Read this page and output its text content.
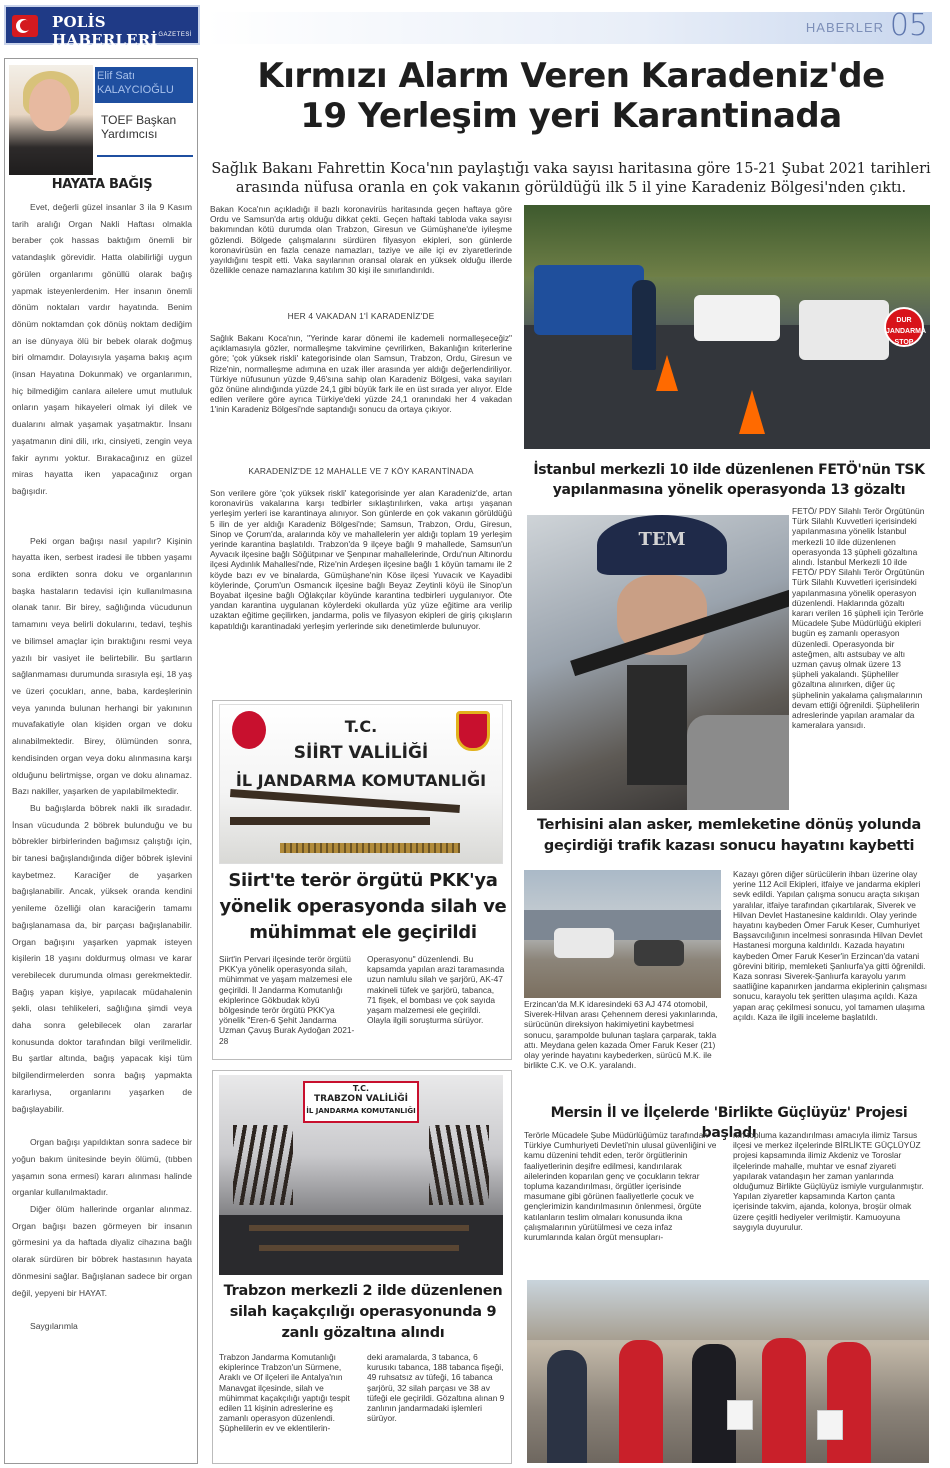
POLİS HABERLERİ GAZETESİ	HABERLER 05
Elif Satı
KALAYCIOĞLU
TOEF Başkan
Yardımcısı
HAYATA BAĞIŞ

Evet, değerli güzel insanlar 3 ila 9 Kasım tarih aralığı Organ Nakli Haftası olmakla beraber çok hassas baktığım önemli bir vatandaşlık görevidir. Hatta olabilirliği uygun görülen organlarımı gönüllü olarak bağış yapmak isteyenlerdenim. Her insanın önemli dönüm noktaları vardır hayatında. Benim dönüm noktamdan çok dönüş noktam dediğim an ise dünyaya ölü bir bebek olarak doğmuş biri olmamdır. Dolayısıyla yaşama bakış açım (insan Hayatına Dokunmak) ve organlarımın, hiç bilmediğim canlara ailelere umut mutluluk onların yaşam hikayeleri olmak iyi dilek ve dualarını almak yaşamak yaşatmaktır. İnsanı yaşatmanın dini dili, ırkı, cinsiyeti, zengin veya fakir ayrımı yoktur. Bırakacağınız en güzel miras hayatta iken yapacağınız organ bağışıdır.

Peki organ bağışı nasıl yapılır? Kişinin hayatta iken, serbest iradesi ile tıbben yaşamı sona erdikten sonra doku ve organlarının başka hastaların tedavisi için kullanılmasına olanak tanır. Bir birey, sağlığında vücudunun tamamını veya belirli dokularını, tedavi, teşhis ve bilimsel amaçlar için bıraktığını resmi veya yazılı bir vasiyet ile belirtebilir. Bu şartların sağlanmaması durumunda sırasıyla eşi, 18 yaş ve üzeri çocukları, anne, baba, kardeşlerinin veya yanında bulunan herhangi bir yakınının muvafakatiyle olan kişiden organ ve doku alınabilmektedir. Birey, ölümünden sonra, kendisinden organ veya doku alınmasına karşı olduğunu belirtmişse, organ ve doku alınamaz. Bazı nakiller, yaşarken de yapılabilmektedir.

Bu bağışlarda böbrek nakli ilk sıradadır. İnsan vücudunda 2 böbrek bulunduğu ve bu böbrekler birbirlerinden bağımsız çalıştığı için, bir tanesi bağışlandığında diğer böbrek işlevini kaybetmez. Karaciğer de yaşarken bağışlanabilir. Ancak, yüksek oranda kendini yenileme özelliği olan karaciğerin tamamı bağışlanamasa da, bir parçası bağışlanabilir. Organ bağışını yaşarken yapmak isteyen kişilerin 18 yaşını doldurmuş olması ve karar verebilecek durumunda olması gerekmektedir. Bağış yapan kişiye, yapılacak müdahalenin şekli, olası tehlikeleri, sağlığına şimdi veya daha sonra gelebilecek olan zararlar konusunda doktor tarafından bilgi verilmelidir. Bu şartlar altında, bağış yapacak kişi tüm bilgilendirmelerden sonra bağış yapmakta kararlıysa, organlarını yaşarken de bağışlayabilir.

Organ bağışı yapıldıktan sonra sadece bir yoğun bakım ünitesinde beyin ölümü, (tıbben yaşamın sona ermesi) kararı alınması halinde organlar kullanılmaktadır.

Diğer ölüm hallerinde organlar alınmaz. Organ bağışı bazen görmeyen bir insanın görmesini ya da haftada diyaliz cihazına bağlı olarak sürdüren bir böbrek hastasının hayata dönmesini sağlar. Bağışlanan sadece bir organ değil, yepyeni bir HAYAT.

Saygılarımla

Kırmızı Alarm Veren Karadeniz'de
19 Yerleşim yeri Karantinada

Sağlık Bakanı Fahrettin Koca'nın paylaştığı vaka sayısı haritasına göre 15-21 Şubat 2021 tarihleri arasında nüfusa oranla en çok vakanın görüldüğü ilk 5 il yine Karadeniz Bölgesi'nden çıktı.

Bakan Koca'nın açıkladığı il bazlı koronavirüs haritasında geçen haftaya göre Ordu ve Samsun'da artış olduğu dikkat çekti. Geçen haftaki tabloda vaka sayısı bakımından kötü durumda olan Trabzon, Giresun ve Gümüşhane'de iyileşme gözlendi. Bölgede çalışmalarını sürdüren filyasyon ekipleri, son günlerde koronavirüsün en fazla cenaze namazları, taziye ve aile içi ev ziyaretlerinde yayıldığını tespit etti. Vaka sayılarının oransal olarak en yüksek olduğu illerde özellikle cenaze namazlarına katılım 30 kişi ile sınırlandırıldı.
HER 4 VAKADAN 1'İ KARADENİZ'DE
Sağlık Bakanı Koca'nın, "Yerinde karar dönemi ile kademeli normalleşeceğiz" açıklamasıyla gözler, normalleşme takvimine çevrilirken, Bakanlığın kriterlerine göre; 'çok yüksek riskli' kategorisinde olan Samsun, Trabzon, Ordu, Giresun ve Rize'nin, normalleşme adımına en uzak iller arasında yer aldığı değerlendiriliyor. Türkiye nüfusunun yüzde 9,46'sına sahip olan Karadeniz Bölgesi, vaka sayıları göz önüne alındığında yüzde 24,1 gibi büyük fark ile en üst sırada yer alıyor. Elde edilen verilere göre ayrıca Türkiye'deki yüzde 24,1 oranındaki her 4 vakadan 1'inin Karadeniz Bölgesi'nde saptandığı sonucu da ortaya çıkıyor.
KARADENİZ'DE 12 MAHALLE VE 7 KÖY KARANTİNADA
Son verilere göre 'çok yüksek riskli' kategorisinde yer alan Karadeniz'de, artan koronavirüs vakalarına karşı tedbirler sıklaştırılırken, vaka artışı yaşanan yerleşim yerleri ise karantinaya alınıyor. Son günlerde en çok vakanın görüldüğü 5 ilin de yer aldığı Karadeniz Bölgesi'nde; Samsun, Trabzon, Ordu, Giresun, Sinop ve Çorum'da, aralarında köy ve mahallelerin yer aldığı toplam 19 yerleşim yerinde karantina başlatıldı. Trabzon'da 9 ilçeye bağlı 9 mahallede, Samsun'un Ayvacık ilçesine bağlı Söğütpınar ve Şenpınar mahallelerinde, Ordu'nun Altınordu ilçesi Aydınlık Mahallesi'nde, Rize'nin Ardeşen ilçesine bağlı 1 köyün tamamı ile 2 köyde bazı ev ve binalarda, Gümüşhane'nin Köse ilçesi Yuvacık ve Kayadibi köylerinde, Çorum'un Osmancık ilçesine bağlı Beyaz Zeytinli köyü ile Sinop'un Boyabat ilçesine bağlı Oğlakçılar köyünde karantina tedbirleri uygulanıyor. Öte yandan karantina uygulanan köylerdeki okullarda yüz yüze eğitime ara verilip uzaktan eğitime geçilirken, jandarma, polis ve filyasyon ekipleri de giriş çıkışların kapatıldığı karantinadaki yerleşim yerlerinde sıkı denetimlerde bulunuyor.
DUR JANDARMA STOP
İstanbul merkezli 10 ilde düzenlenen FETÖ'nün TSK yapılanmasına yönelik operasyonda 13 gözaltı
TEM
FETÖ/ PDY Silahlı Terör Örgütünün Türk Silahlı Kuvvetleri içerisindeki yapılanmasına yönelik İstanbul merkezli 10 ilde düzenlenen operasyonda 13 şüpheli gözaltına alındı. İstanbul Merkezli 10 ilde FETÖ/ PDY Silahlı Terör Örgütünün Türk Silahlı Kuvvetleri içerisindeki yapılanmasına yönelik operasyon düzenlendi. Haklarında gözaltı kararı verilen 16 şüpheli için Terörle Mücadele Şube Müdürlüğü ekipleri bugün eş zamanlı operasyon düzenledi. Operasyonda bir asteğmen, altı astsubay ve altı uzman çavuş olmak üzere 13 şüpheli yakalandı. Şüpheliler gözaltına alınırken, diğer üç şüphelinin yakalama çalışmalarının devam ettiği öğrenildi. Şüphelilerin adreslerinde yapılan aramalar da kameralara yansıdı.
T.C.
SİİRT VALİLİĞİ
İL JANDARMA KOMUTANLIĞI
Siirt'te terör örgütü PKK'ya yönelik operasyonda silah ve mühimmat ele geçirildi
Siirt'in Pervari ilçesinde terör örgütü PKK'ya yönelik operasyonda silah, mühimmat ve yaşam malzemesi ele geçirildi. İl Jandarma Komutanlığı ekiplerince Gökbudak köyü bölgesinde terör örgütü PKK'ya yönelik "Eren-6 Şehit Jandarma Uzman Çavuş Burak Aydoğan 2021-28
Operasyonu" düzenlendi. Bu kapsamda yapılan arazi taramasında uzun namlulu silah ve şarjörü, AK-47 makineli tüfek ve şarjörü, tabanca, 71 fişek, el bombası ve çok sayıda yaşam malzemesi ele geçirildi. Olayla ilgili soruşturma sürüyor.
Terhisini alan asker, memleketine dönüş yolunda geçirdiği trafik kazası sonucu hayatını kaybetti
Erzincan'da M.K idaresindeki 63 AJ 474 otomobil, Siverek-Hilvan arası Çehennem deresi yakınlarında, sürücünün direksiyon hakimiyetini kaybetmesi sonucu, şarampolde bulunan taşlara çarparak, takla attı. Meydana gelen kazada Ömer Faruk Keser (21) olay yerinde hayatını kaybederken, sürücü M.K. ile birlikte C.K. ve O.K. yaralandı.
Kazayı gören diğer sürücülerin ihbarı üzerine olay yerine 112 Acil Ekipleri, itfaiye ve jandarma ekipleri sevk edildi. Yapılan çalışma sonucu araçta sıkışan yaralılar, itfaiye tarafından çıkartılarak, Siverek ve Hilvan Devlet Hastanesine kaldırıldı. Olay yerinde hayatını kaybeden Ömer Faruk Keser, Cumhuriyet Başsavcılığının incelmesi sonrasında Hilvan Devlet Hastanesi morguna kaldırıldı. Kazada hayatını kaybeden Ömer Faruk Keser'in Erzincan'da vatani görevini bitirip, memleketi Şanlıurfa'ya gitti öğrenildi. Kaza sonrası Siverek-Şanlıurfa karayolu yarım saatliğine kapanırken jandarma ekiplerinin çalışması sonucu, karayolu tek şeritten ulaşıma açıldı. Kaza yapan araç çekilmesi sonucu, yol tamamen ulaşıma açıldı. Kaza ile ilgili inceleme başlatıldı.
T.C.
TRABZON VALİLİĞİ
İL JANDARMA KOMUTANLIĞI
Trabzon merkezli 2 ilde düzenlenen silah kaçakçılığı operasyonunda 9 zanlı gözaltına alındı
Trabzon Jandarma Komutanlığı ekiplerince Trabzon'un Sürmene, Araklı ve Of ilçeleri ile Antalya'nın Manavgat ilçesinde, silah ve mühimmat kaçakçılığı yaptığı tespit edilen 11 kişinin adreslerine eş zamanlı operasyon düzenlendi. Şüphelilerin ev ve eklentilerin-
deki aramalarda, 3 tabanca, 6 kurusıkı tabanca, 188 tabanca fişeği, 49 ruhsatsız av tüfeği, 16 tabanca şarjörü, 32 silah parçası ve 38 av tüfeği ele geçirildi. Gözaltına alınan 9 zanlının jandarmadaki işlemleri sürüyor.
Mersin İl ve İlçelerde 'Birlikte Güçlüyüz' Projesi başladı
Terörle Mücadele Şube Müdürlüğümüz tarafından Türkiye Cumhuriyeti Devleti'nin ulusal güvenliğini ve kamu düzenini tehdit eden, terör örgütlerinin faaliyetlerinin deşifre edilmesi, kandırılarak ailelerinden koparılan genç ve çocukların tekrar topluma kazandırılması, örgütler içerisinde masumane gibi görünen faaliyetlerle çocuk ve gençlerimizin kandırılmasının önlenmesi, örgüte katılanların teslim olmaları konusunda ikna çalışmalarının yürütülmesi ve ceza infaz kurumlarında kalan örgüt mensupları-
nın topluma kazandırılması amacıyla ilimiz Tarsus ilçesi ve merkez ilçelerinde BİRLİKTE GÜÇLÜYÜZ projesi kapsamında ilimiz Akdeniz ve Toroslar ilçelerinde mahalle, muhtar ve esnaf ziyareti yapılarak vatandaşın her zaman yanlarında olduğumuz Birlikte Güçlüyüz ismiyle vurgulanmıştır. Yapılan ziyaretler kapsamında Karton çanta içerisinde takvim, ajanda, kolonya, broşür olmak üzere çeşitli hediyeler verilmiştir. Kamuoyuna saygıyla duyurulur.
